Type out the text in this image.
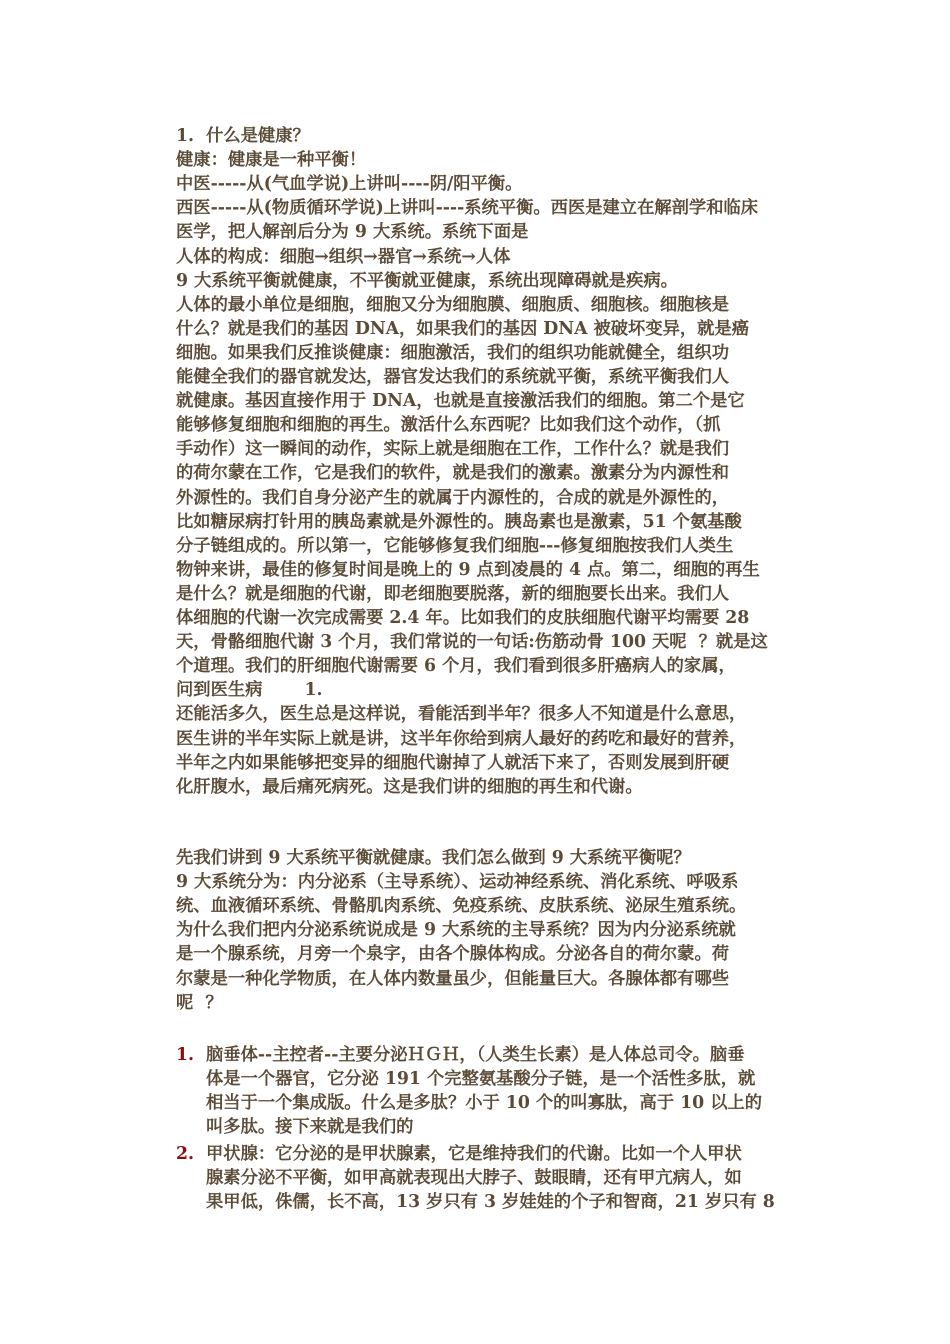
1.  什么是健康？
健康：健康是一种平衡！
中医-----从(气血学说)上讲叫----阴/阳平衡。
西医-----从(物质循环学说)上讲叫----系统平衡。西医是建立在解剖学和临床
医学，把人解剖后分为 9 大系统。系统下面是
人体的构成：细胞→组织→器官→系统→人体
9 大系统平衡就健康，不平衡就亚健康，系统出现障碍就是疾病。
人体的最小单位是细胞，细胞又分为细胞膜、细胞质、细胞核。细胞核是
什么？就是我们的基因 DNA，如果我们的基因 DNA 被破坏变异，就是癌
细胞。如果我们反推谈健康：细胞激活，我们的组织功能就健全，组织功
能健全我们的器官就发达，器官发达我们的系统就平衡，系统平衡我们人
就健康。基因直接作用于 DNA，也就是直接激活我们的细胞。第二个是它
能够修复细胞和细胞的再生。激活什么东西呢？比如我们这个动作，（抓
手动作）这一瞬间的动作，实际上就是细胞在工作，工作什么？就是我们
的荷尔蒙在工作，它是我们的软件，就是我们的激素。激素分为内源性和
外源性的。我们自身分泌产生的就属于内源性的，合成的就是外源性的，
比如糖尿病打针用的胰岛素就是外源性的。胰岛素也是激素，51 个氨基酸
分子链组成的。所以第一，它能够修复我们细胞---修复细胞按我们人类生
物钟来讲，最佳的修复时间是晚上的 9 点到凌晨的 4 点。第二，细胞的再生
是什么？就是细胞的代谢，即老细胞要脱落，新的细胞要长出来。我们人
体细胞的代谢一次完成需要 2.4 年。比如我们的皮肤细胞代谢平均需要 28
天，骨骼细胞代谢 3 个月，我们常说的一句话:伤筋动骨 100 天呢  ？就是这
个道理。我们的肝细胞代谢需要 6 个月，我们看到很多肝癌病人的家属，
问到医生病       1.
还能活多久，医生总是这样说，看能活到半年？很多人不知道是什么意思，
医生讲的半年实际上就是讲，这半年你给到病人最好的药吃和最好的营养，
半年之内如果能够把变异的细胞代谢掉了人就活下来了，否则发展到肝硬
化肝腹水，最后痛死病死。这是我们讲的细胞的再生和代谢。
先我们讲到 9 大系统平衡就健康。我们怎么做到 9 大系统平衡呢？
9 大系统分为：内分泌系（主导系统）、运动神经系统、消化系统、呼吸系
统、血液循环系统、骨骼肌肉系统、免疫系统、皮肤系统、泌尿生殖系统。
为什么我们把内分泌系统说成是 9 大系统的主导系统？因为内分泌系统就
是一个腺系统，月旁一个泉字，由各个腺体构成。分泌各自的荷尔蒙。荷
尔蒙是一种化学物质，在人体内数量虽少，但能量巨大。各腺体都有哪些
呢  ？
1. 脑垂体--主控者--主要分泌ＨＧＨ，（人类生长素）是人体总司令。脑垂
体是一个器官，它分泌 191 个完整氨基酸分子链，是一个活性多肽，就
相当于一个集成版。什么是多肽？小于 10 个的叫寡肽，高于 10 以上的
叫多肽。接下来就是我们的
2. 甲状腺：它分泌的是甲状腺素，它是维持我们的代谢。比如一个人甲状
腺素分泌不平衡，如甲高就表现出大脖子、鼓眼睛，还有甲亢病人，如
果甲低，侏儒，长不高，13 岁只有 3 岁娃娃的个子和智商，21 岁只有 8
